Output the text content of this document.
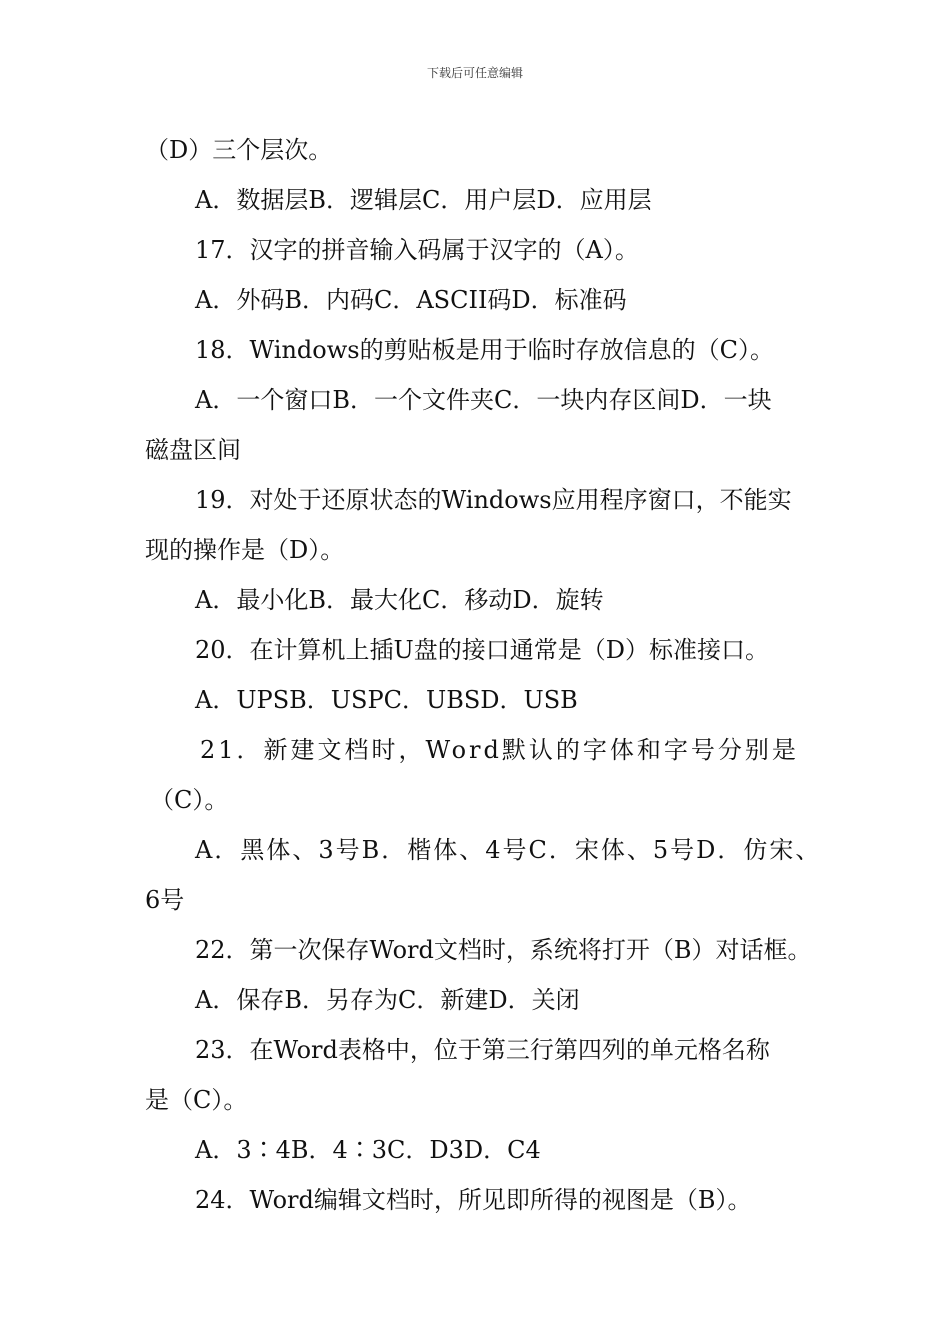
下载后可任意编辑
（D）三个层次。
A．数据层B．逻辑层C．用户层D．应用层
17．汉字的拼音输入码属于汉字的（A）。
A．外码B．内码C．ASCII码D．标准码
18．Windows的剪贴板是用于临时存放信息的（C）。
A．一个窗口B．一个文件夹C．一块内存区间D．一块
磁盘区间
19．对处于还原状态的Windows应用程序窗口，不能实
现的操作是（D）。
A．最小化B．最大化C．移动D．旋转
20．在计算机上插U盘的接口通常是（D）标准接口。
A．UPSB．USPC．UBSD．USB
21．新建文档时，Word默认的字体和字号分别是
（C）。
A．黑体、3号B．楷体、4号C．宋体、5号D．仿宋、
6号
22．第一次保存Word文档时，系统将打开（B）对话框。
A．保存B．另存为C．新建D．关闭
23．在Word表格中，位于第三行第四列的单元格名称
是（C）。
A．3∶4B．4∶3C．D3D．C4
24．Word编辑文档时，所见即所得的视图是（B）。
